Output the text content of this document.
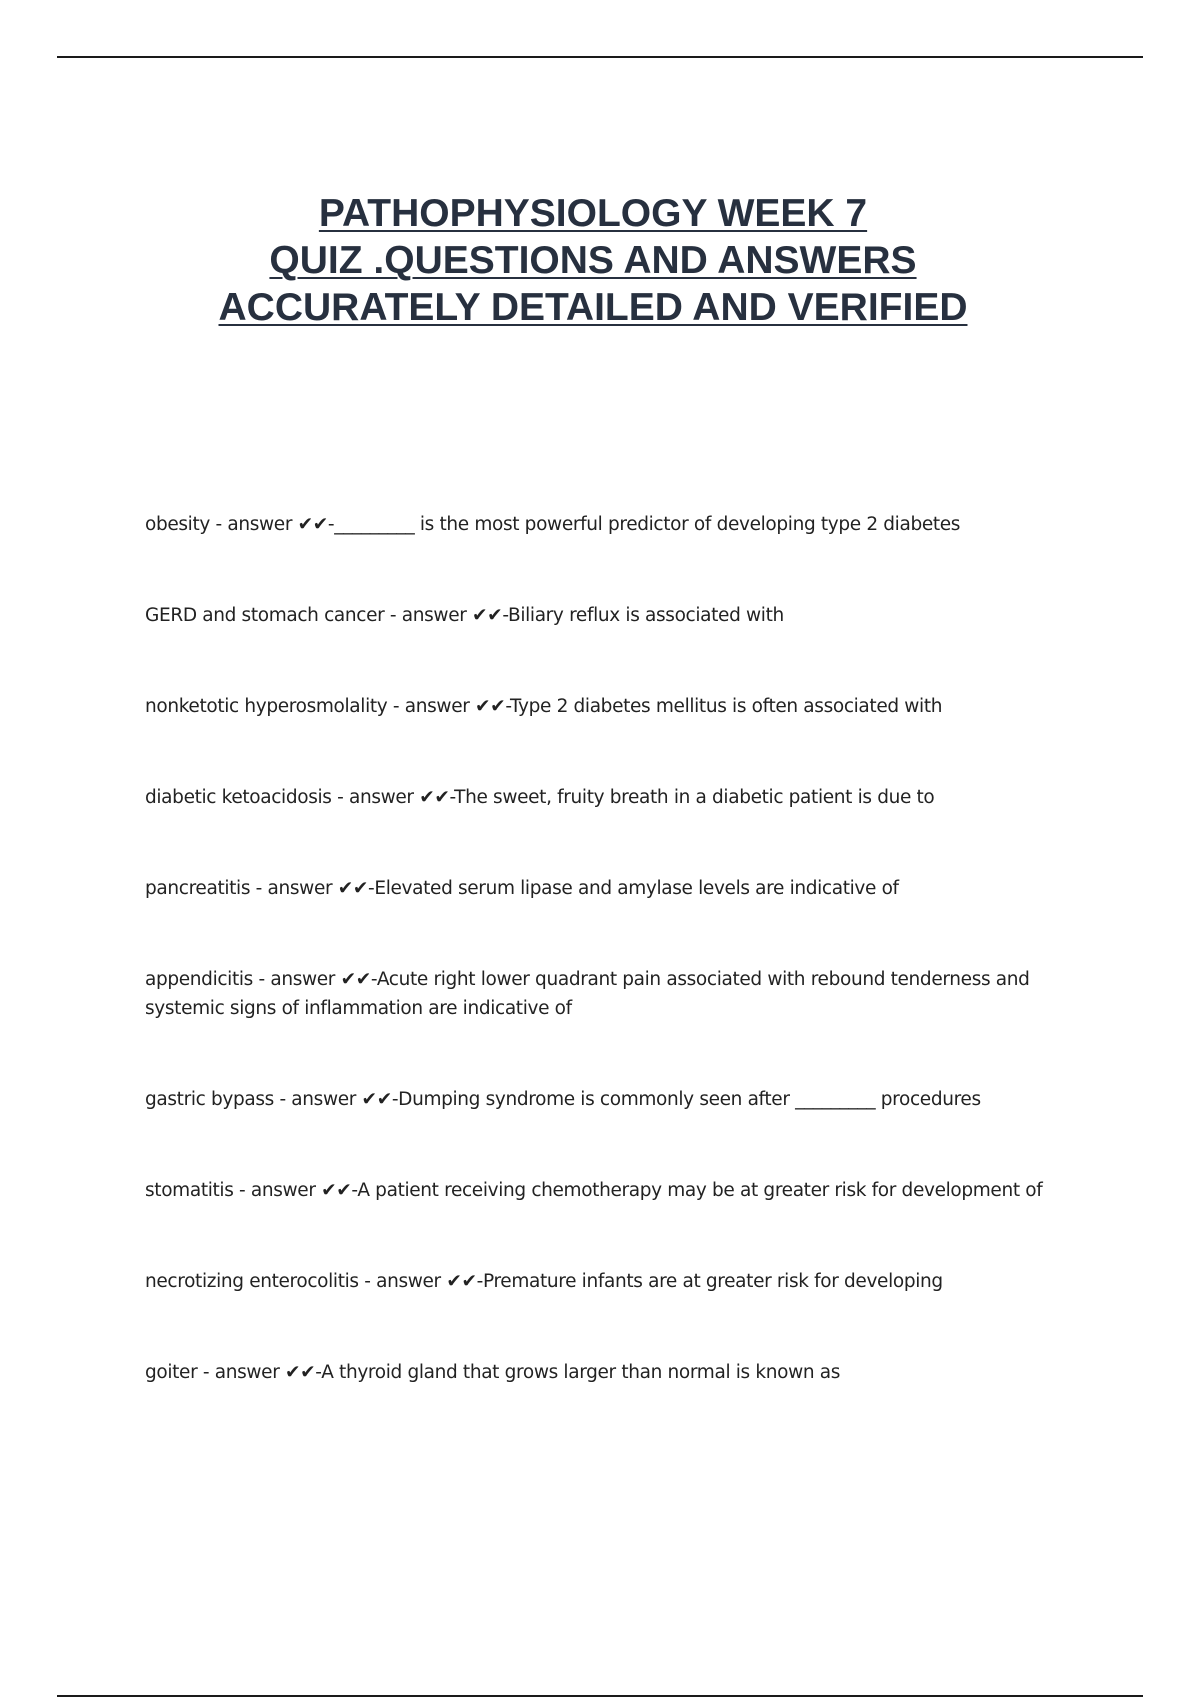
PATHOPHYSIOLOGY WEEK 7
QUIZ .QUESTIONS AND ANSWERS
ACCURATELY DETAILED AND VERIFIED
obesity - answer ✔✔-_________ is the most powerful predictor of developing type 2 diabetes
GERD and stomach cancer - answer ✔✔-Biliary reflux is associated with
nonketotic hyperosmolality - answer ✔✔-Type 2 diabetes mellitus is often associated with
diabetic ketoacidosis - answer ✔✔-The sweet, fruity breath in a diabetic patient is due to
pancreatitis - answer ✔✔-Elevated serum lipase and amylase levels are indicative of
appendicitis - answer ✔✔-Acute right lower quadrant pain associated with rebound tenderness and systemic signs of inflammation are indicative of
gastric bypass - answer ✔✔-Dumping syndrome is commonly seen after _________ procedures
stomatitis - answer ✔✔-A patient receiving chemotherapy may be at greater risk for development of
necrotizing enterocolitis - answer ✔✔-Premature infants are at greater risk for developing
goiter - answer ✔✔-A thyroid gland that grows larger than normal is known as
